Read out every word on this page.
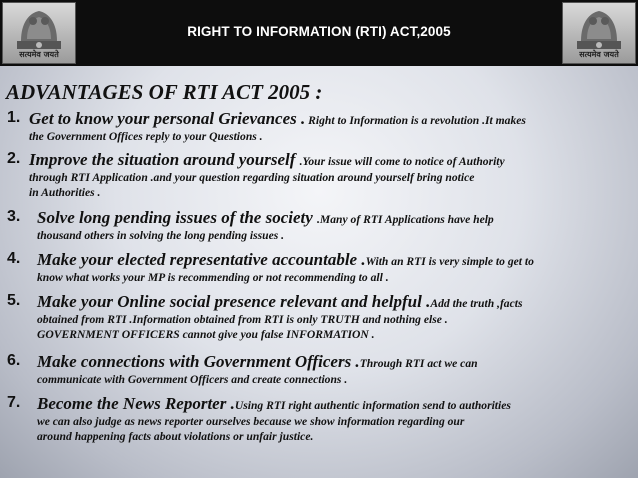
सत्यमेव जयते	सत्यमेव जयते
RIGHT TO INFORMATION (RTI) ACT,2005
ADVANTAGES OF RTI ACT 2005 :
1. Get to know your personal Grievances . Right to Information is a revolution .It makes
the Government Offices reply to your Questions .
2. Improve the situation around yourself .Your issue will come to notice of Authority
through RTI Application .and your question regarding situation around yourself bring notice
in Authorities .
3. Solve long pending issues of the society .Many of RTI Applications have help
thousand others in solving the long pending issues .
4. Make your elected representative accountable .With an RTI is very simple to get to
know what works your MP is recommending or not recommending to all .
5. Make your Online social presence relevant and helpful .Add the truth ,facts
obtained from RTI .Information obtained from RTI is only TRUTH and nothing else .
GOVERNMENT OFFICERS cannot give you false INFORMATION .
6. Make connections with Government Officers .Through RTI act we can
communicate with Government Officers and create connections .
7. Become the News Reporter .Using RTI right authentic information send to authorities
we can also judge as news reporter ourselves because we show information regarding our
around happening facts about violations or unfair justice.
